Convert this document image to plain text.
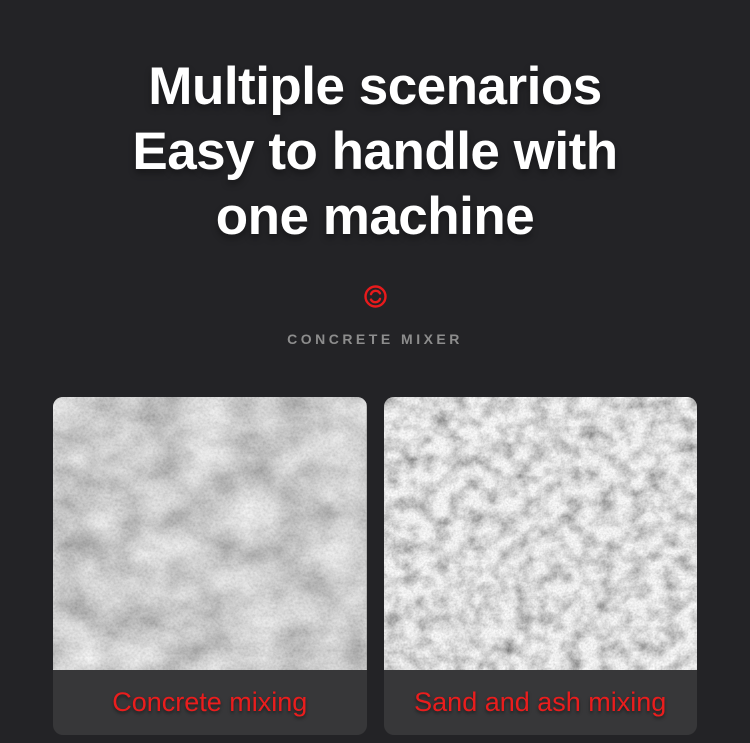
Multiple scenarios
Easy to handle with
one machine
CONCRETE MIXER
Concrete mixing	Sand and ash mixing
